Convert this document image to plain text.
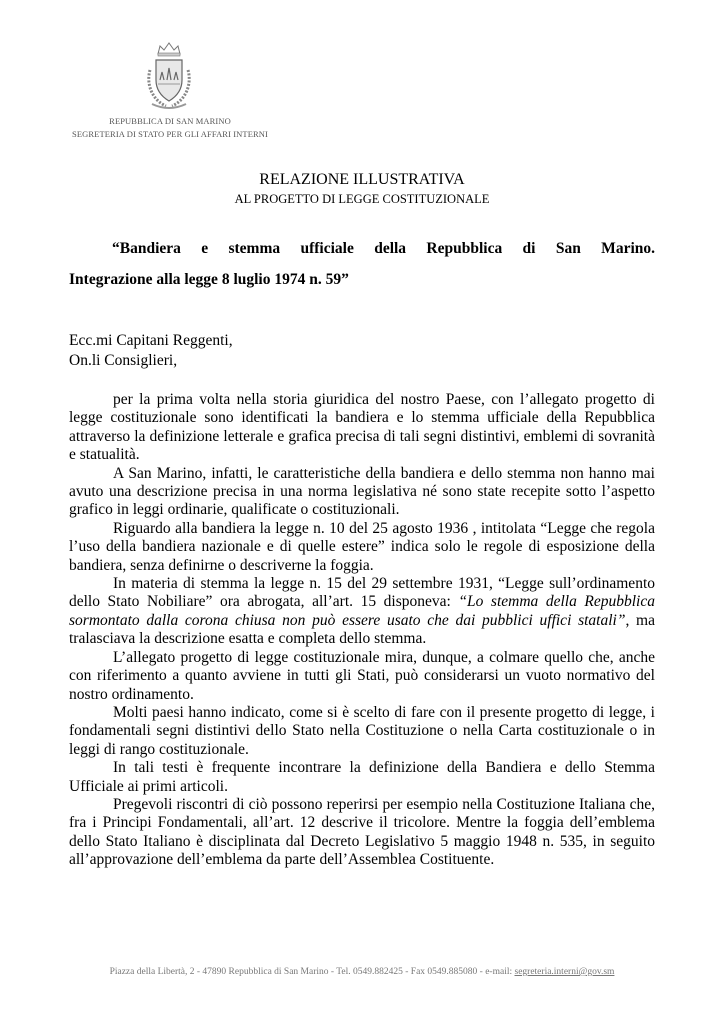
REPUBBLICA DI SAN MARINO
SEGRETERIA DI STATO PER GLI AFFARI INTERNI
RELAZIONE ILLUSTRATIVA
AL PROGETTO DI LEGGE COSTITUZIONALE
“Bandiera e stemma ufficiale della Repubblica di San Marino.
Integrazione alla legge 8 luglio 1974 n. 59”
Ecc.mi Capitani Reggenti,
On.li Consiglieri,

per la prima volta nella storia giuridica del nostro Paese, con l’allegato progetto di legge costituzionale sono identificati la bandiera e lo stemma ufficiale della Repubblica attraverso la definizione letterale e grafica precisa di tali segni distintivi, emblemi di sovranità e statualità.

A San Marino, infatti, le caratteristiche della bandiera e dello stemma non hanno mai avuto una descrizione precisa in una norma legislativa né sono state recepite sotto l’aspetto grafico in leggi ordinarie, qualificate o costituzionali.

Riguardo alla bandiera la legge n. 10 del 25 agosto 1936 , intitolata “Legge che regola l’uso della bandiera nazionale e di quelle estere” indica solo le regole di esposizione della bandiera, senza definirne o descriverne la foggia.

In materia di stemma la legge n. 15 del 29 settembre 1931, “Legge sull’ordinamento dello Stato Nobiliare” ora abrogata, all’art. 15 disponeva: “Lo stemma della Repubblica sormontato dalla corona chiusa non può essere usato che dai pubblici uffici statali”, ma tralasciava la descrizione esatta e completa dello stemma.

L’allegato progetto di legge costituzionale mira, dunque, a colmare quello che, anche con riferimento a quanto avviene in tutti gli Stati, può considerarsi un vuoto normativo del nostro ordinamento.

Molti paesi hanno indicato, come si è scelto di fare con il presente progetto di legge, i fondamentali segni distintivi dello Stato nella Costituzione o nella Carta costituzionale o in leggi di rango costituzionale.

In tali testi è frequente incontrare la definizione della Bandiera e dello Stemma Ufficiale ai primi articoli.

Pregevoli riscontri di ciò possono reperirsi per esempio nella Costituzione Italiana che, fra i Principi Fondamentali, all’art. 12 descrive il tricolore. Mentre la foggia dell’emblema dello Stato Italiano è disciplinata dal Decreto Legislativo 5 maggio 1948 n. 535, in seguito all’approvazione dell’emblema da parte dell’Assemblea Costituente.

Piazza della Libertà, 2 - 47890 Repubblica di San Marino - Tel. 0549.882425 - Fax 0549.885080 - e-mail: segreteria.interni@gov.sm
